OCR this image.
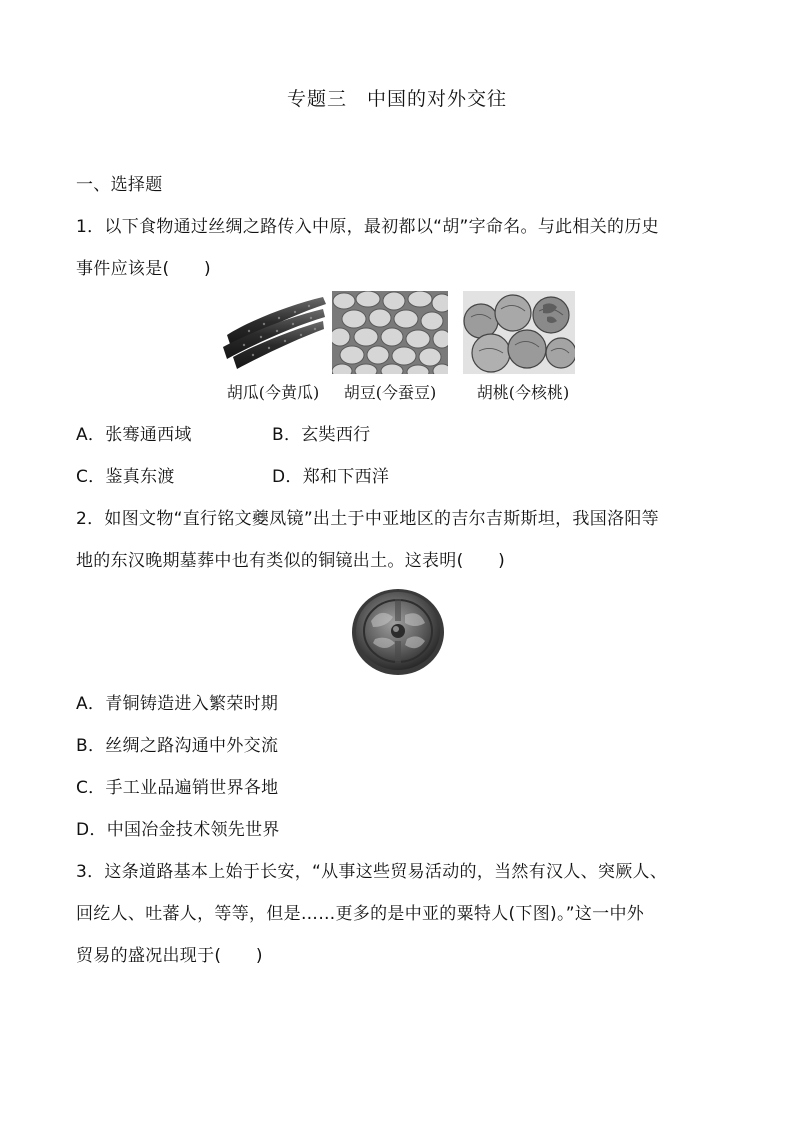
专题三　中国的对外交往
一、选择题
1．以下食物通过丝绸之路传入中原，最初都以“胡”字命名。与此相关的历史
事件应该是(　　)
胡瓜(今黄瓜)	胡豆(今蚕豆)	胡桃(今核桃)
A．张骞通西域	B．玄奘西行
C．鉴真东渡	D．郑和下西洋
2．如图文物“直行铭文夔凤镜”出土于中亚地区的吉尔吉斯斯坦，我国洛阳等
地的东汉晚期墓葬中也有类似的铜镜出土。这表明(　　)
A．青铜铸造进入繁荣时期
B．丝绸之路沟通中外交流
C．手工业品遍销世界各地
D．中国冶金技术领先世界
3．这条道路基本上始于长安，“从事这些贸易活动的，当然有汉人、突厥人、
回纥人、吐蕃人，等等，但是……更多的是中亚的粟特人(下图)。”这一中外
贸易的盛况出现于(　　)
